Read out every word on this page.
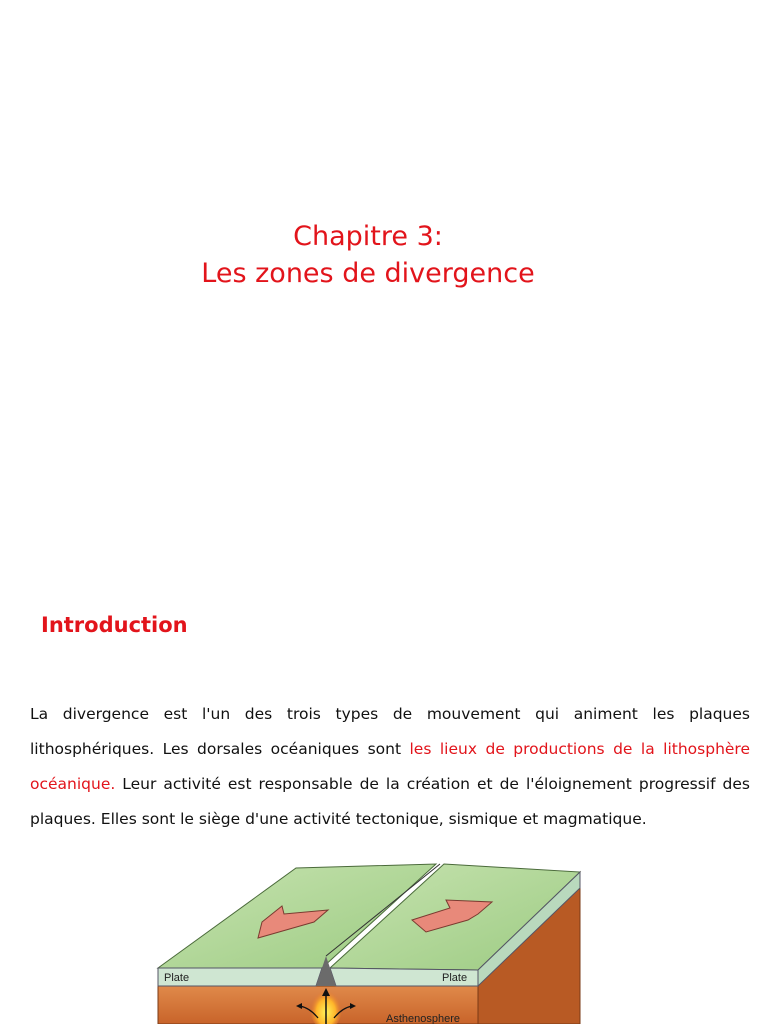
Chapitre 3:
Les zones de divergence
Introduction

La divergence est l'un des trois types de mouvement qui animent les plaques lithosphériques. Les dorsales océaniques sont les lieux de productions de la lithosphère océanique. Leur activité est responsable de la création et de l'éloignement progressif des plaques. Elles sont le siège d'une activité tectonique, sismique et magmatique.

Plate	Plate
Asthenosphere
